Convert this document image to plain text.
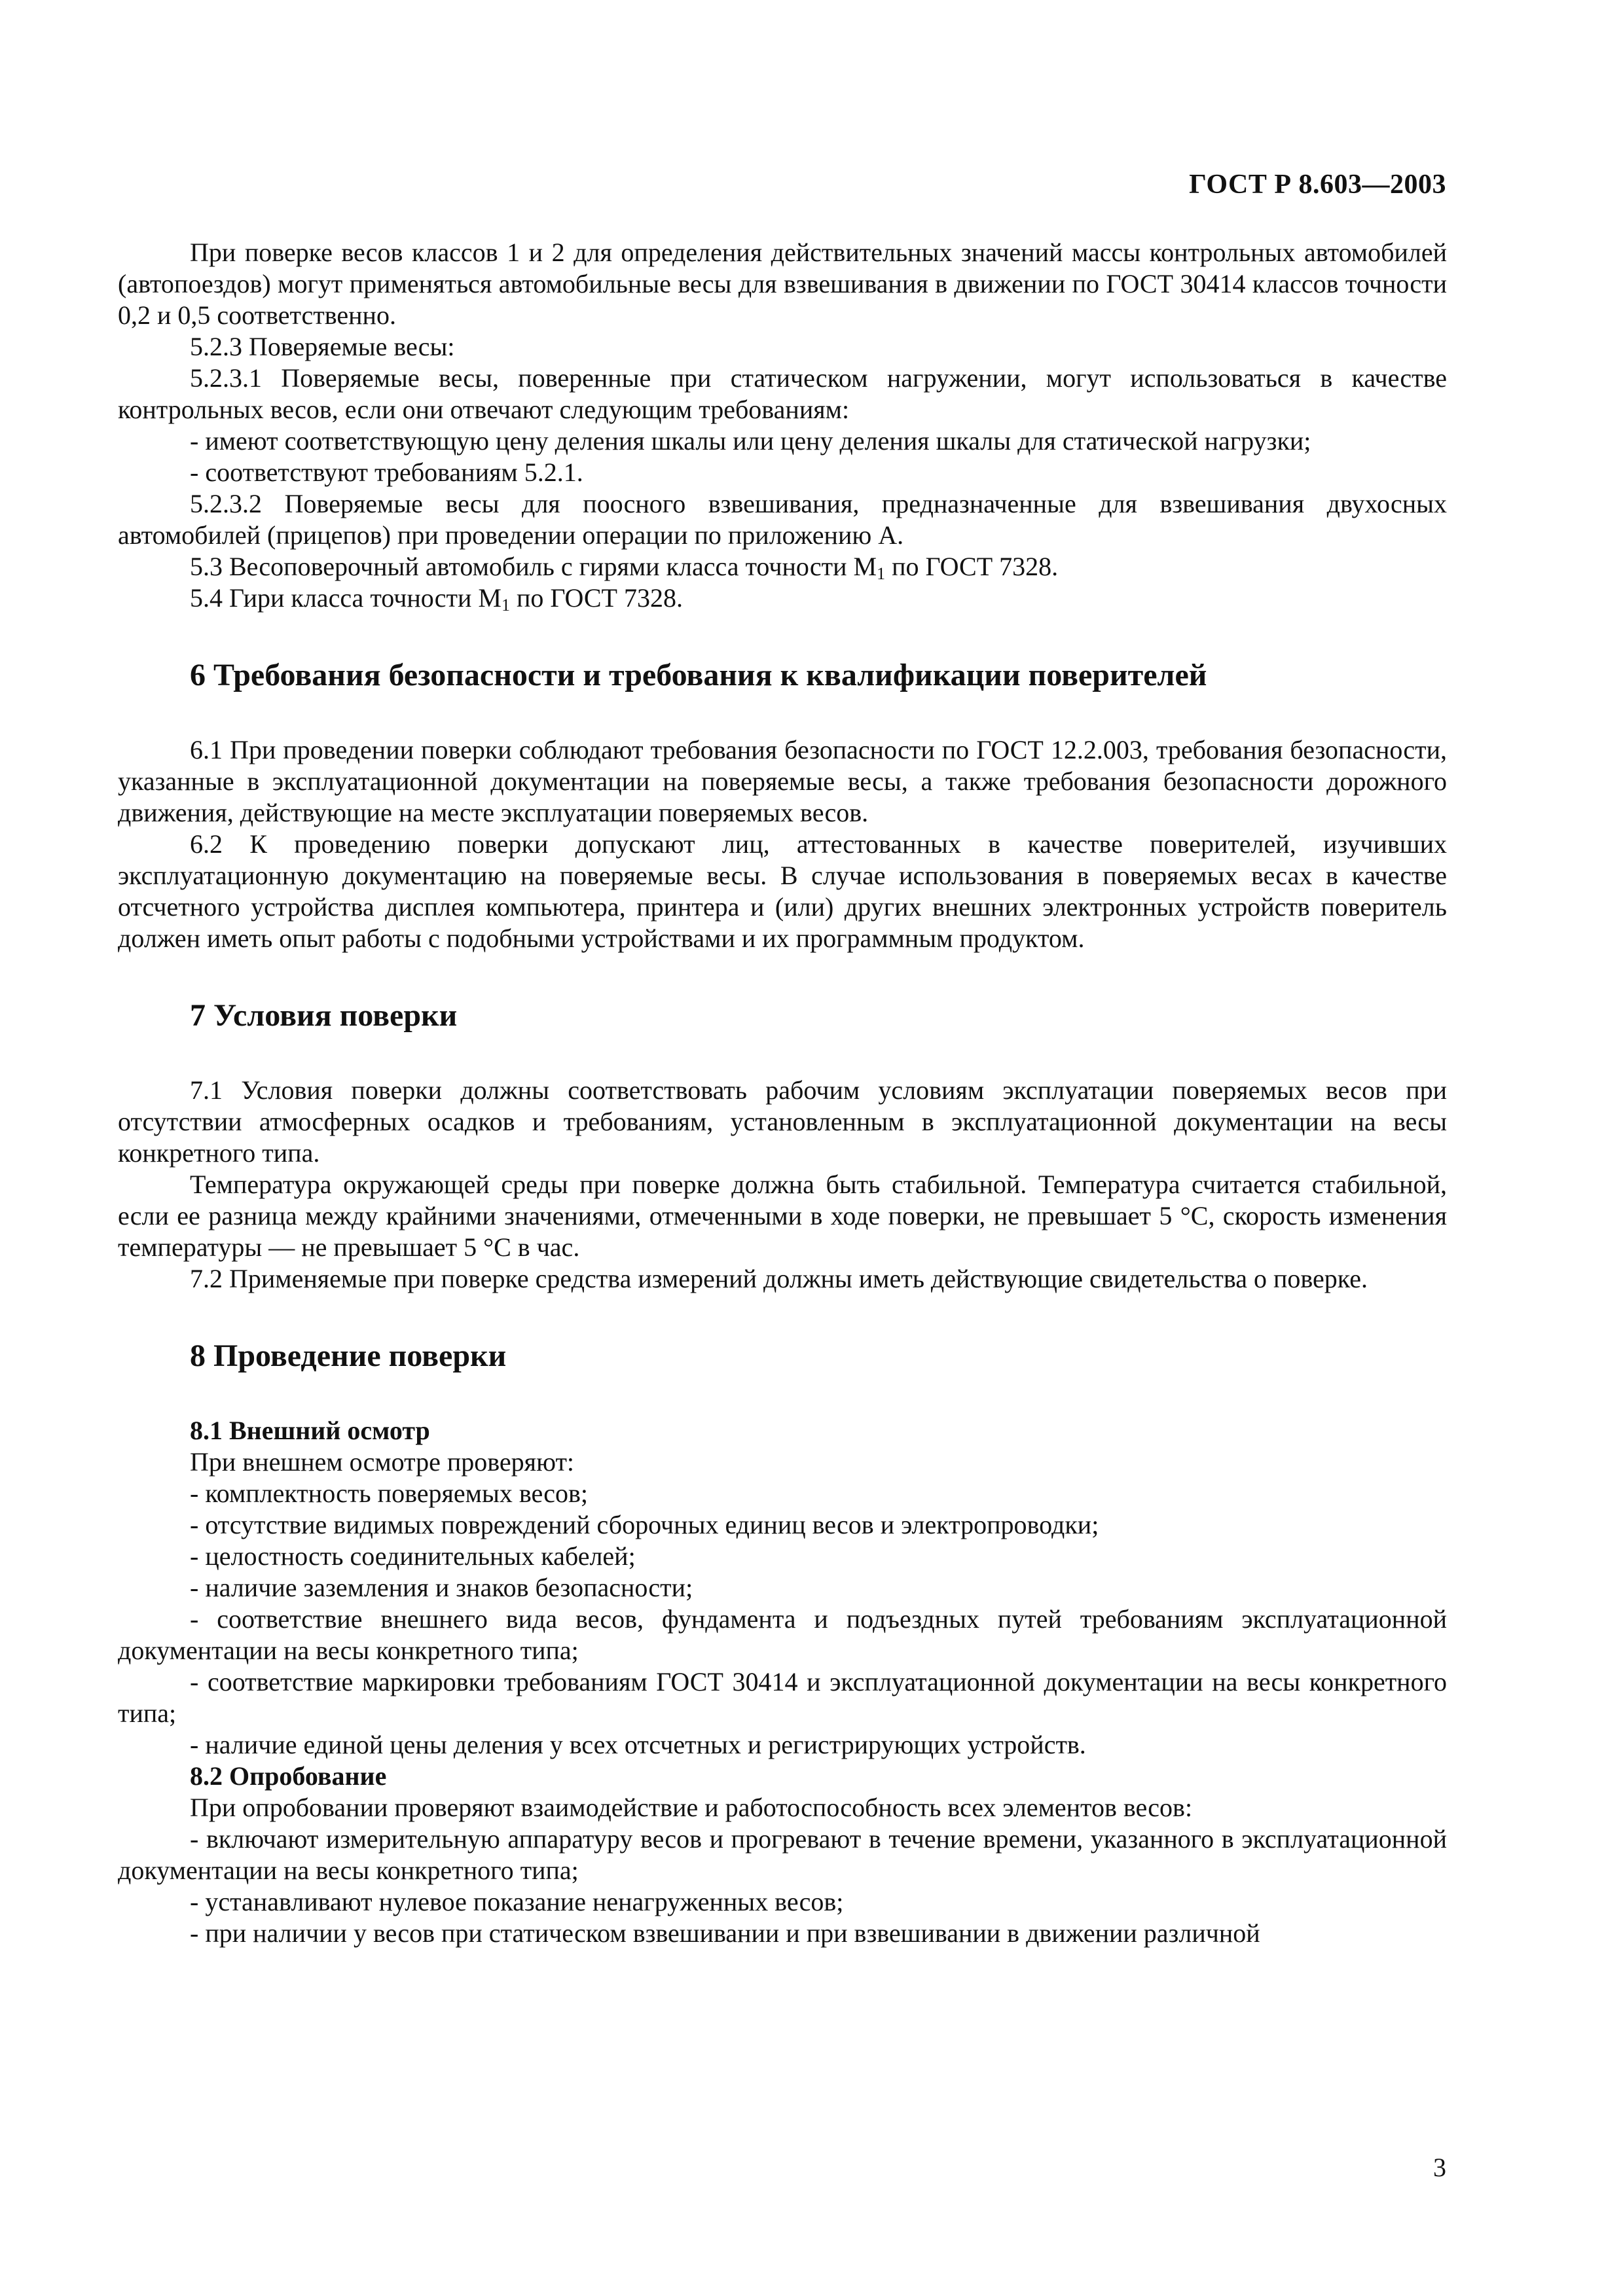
ГОСТ Р 8.603—2003

При поверке весов классов 1 и 2 для определения действительных значений массы контрольных автомобилей (автопоездов) могут применяться автомобильные весы для взвешивания в движении по ГОСТ 30414 классов точности 0,2 и 0,5 соответственно.

5.2.3 Поверяемые весы:

5.2.3.1 Поверяемые весы, поверенные при статическом нагружении, могут использоваться в качестве контрольных весов, если они отвечают следующим требованиям:

- имеют соответствующую цену деления шкалы или цену деления шкалы для статической нагрузки;

- соответствуют требованиям 5.2.1.

5.2.3.2 Поверяемые весы для поосного взвешивания, предназначенные для взвешивания двухосных автомобилей (прицепов) при проведении операции по приложению А.

5.3 Весоповерочный автомобиль с гирями класса точности $М_1$ по ГОСТ 7328.

5.4 Гири класса точности $М_1$ по ГОСТ 7328.

6 Требования безопасности и требования к квалификации поверителей

6.1 При проведении поверки соблюдают требования безопасности по ГОСТ 12.2.003, требования безопасности, указанные в эксплуатационной документации на поверяемые весы, а также требования безопасности дорожного движения, действующие на месте эксплуатации поверяемых весов.

6.2 К проведению поверки допускают лиц, аттестованных в качестве поверителей, изучивших эксплуатационную документацию на поверяемые весы. В случае использования в поверяемых весах в качестве отсчетного устройства дисплея компьютера, принтера и (или) других внешних электронных устройств поверитель должен иметь опыт работы с подобными устройствами и их программным продуктом.

7 Условия поверки

7.1 Условия поверки должны соответствовать рабочим условиям эксплуатации поверяемых весов при отсутствии атмосферных осадков и требованиям, установленным в эксплуатационной документации на весы конкретного типа.

Температура окружающей среды при поверке должна быть стабильной. Температура считается стабильной, если ее разница между крайними значениями, отмеченными в ходе поверки, не превышает 5 °С, скорость изменения температуры — не превышает 5 °С в час.

7.2 Применяемые при поверке средства измерений должны иметь действующие свидетельства о поверке.

8 Проведение поверки
8.1 Внешний осмотр

При внешнем осмотре проверяют:

- комплектность поверяемых весов;

- отсутствие видимых повреждений сборочных единиц весов и электропроводки;

- целостность соединительных кабелей;

- наличие заземления и знаков безопасности;

- соответствие внешнего вида весов, фундамента и подъездных путей требованиям эксплуатационной документации на весы конкретного типа;

- соответствие маркировки требованиям ГОСТ 30414 и эксплуатационной документации на весы конкретного типа;

- наличие единой цены деления у всех отсчетных и регистрирующих устройств.

8.2 Опробование

При опробовании проверяют взаимодействие и работоспособность всех элементов весов:

- включают измерительную аппаратуру весов и прогревают в течение времени, указанного в эксплуатационной документации на весы конкретного типа;

- устанавливают нулевое показание ненагруженных весов;

- при наличии у весов при статическом взвешивании и при взвешивании в движении различной

3
